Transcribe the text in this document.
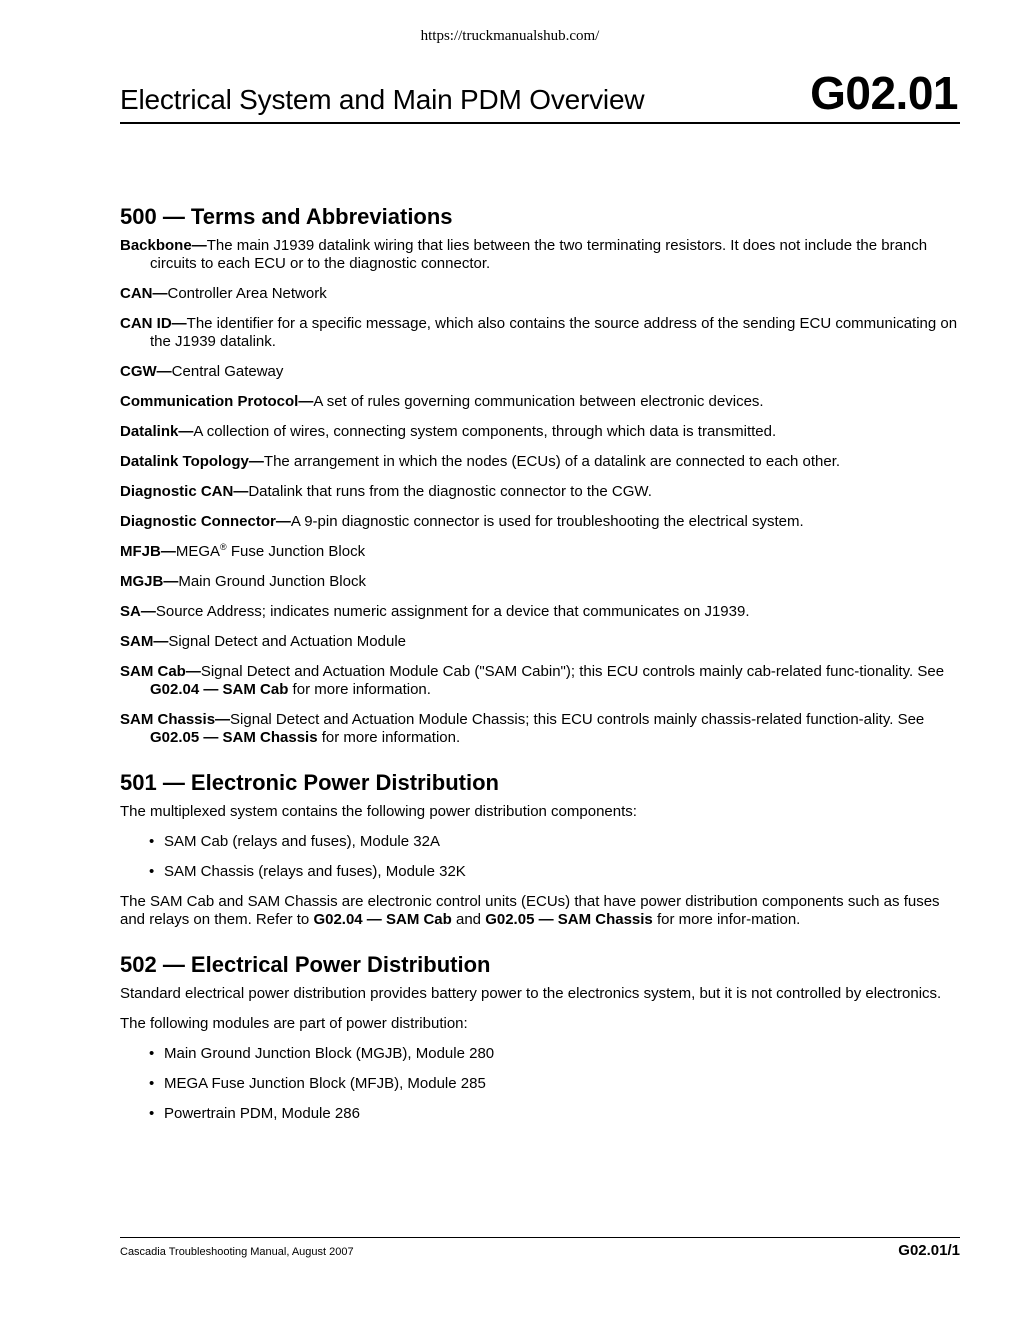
https://truckmanualshub.com/
Electrical System and Main PDM Overview	G02.01
500 — Terms and Abbreviations

Backbone—The main J1939 datalink wiring that lies between the two terminating resistors. It does not include the branch circuits to each ECU or to the diagnostic connector.

CAN—Controller Area Network

CAN ID—The identifier for a specific message, which also contains the source address of the sending ECU communicating on the J1939 datalink.

CGW—Central Gateway

Communication Protocol—A set of rules governing communication between electronic devices.

Datalink—A collection of wires, connecting system components, through which data is transmitted.

Datalink Topology—The arrangement in which the nodes (ECUs) of a datalink are connected to each other.

Diagnostic CAN—Datalink that runs from the diagnostic connector to the CGW.

Diagnostic Connector—A 9-pin diagnostic connector is used for troubleshooting the electrical system.

MFJB—MEGA® Fuse Junction Block

MGJB—Main Ground Junction Block

SA—Source Address; indicates numeric assignment for a device that communicates on J1939.

SAM—Signal Detect and Actuation Module

SAM Cab—Signal Detect and Actuation Module Cab ("SAM Cabin"); this ECU controls mainly cab-related func-tionality. See G02.04 — SAM Cab for more information.

SAM Chassis—Signal Detect and Actuation Module Chassis; this ECU controls mainly chassis-related function-ality. See G02.05 — SAM Chassis for more information.

501 — Electronic Power Distribution

The multiplexed system contains the following power distribution components:

• SAM Cab (relays and fuses), Module 32A
• SAM Chassis (relays and fuses), Module 32K

The SAM Cab and SAM Chassis are electronic control units (ECUs) that have power distribution components such as fuses and relays on them. Refer to G02.04 — SAM Cab and G02.05 — SAM Chassis for more infor-mation.

502 — Electrical Power Distribution

Standard electrical power distribution provides battery power to the electronics system, but it is not controlled by electronics.

The following modules are part of power distribution:

• Main Ground Junction Block (MGJB), Module 280
• MEGA Fuse Junction Block (MFJB), Module 285
• Powertrain PDM, Module 286
Cascadia Troubleshooting Manual, August 2007	G02.01/1
